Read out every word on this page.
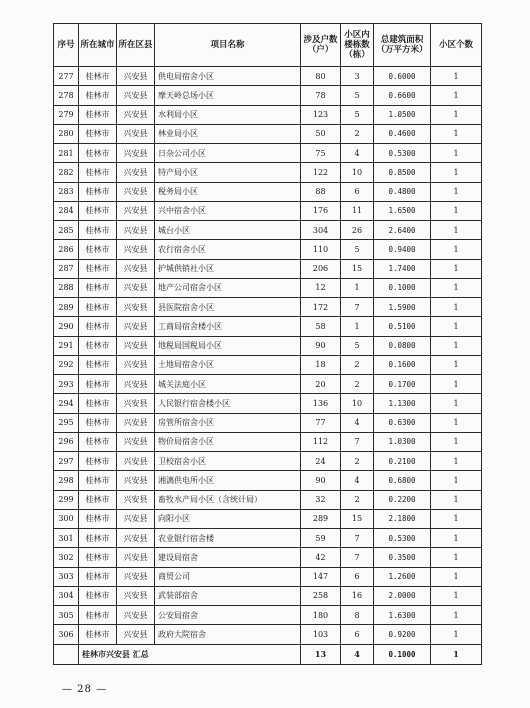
序号	所在城市	所在区县	项目名称	涉及户数（户）	小区内楼栋数（栋）	总建筑面积（万平方米）	小区个数
277	桂林市	兴安县	供电局宿舍小区	80	3	0.6000	1
278	桂林市	兴安县	摩天岭总场小区	78	5	0.6600	1
279	桂林市	兴安县	水利局小区	123	5	1.0500	1
280	桂林市	兴安县	林业局小区	50	2	0.4600	1
281	桂林市	兴安县	日杂公司小区	75	4	0.5300	1
282	桂林市	兴安县	特产局小区	122	10	0.8500	1
283	桂林市	兴安县	税务局小区	88	6	0.4800	1
284	桂林市	兴安县	兴中宿舍小区	176	11	1.6500	1
285	桂林市	兴安县	城台小区	304	26	2.6400	1
286	桂林市	兴安县	农行宿舍小区	110	5	0.9400	1
287	桂林市	兴安县	护城供销社小区	206	15	1.7400	1
288	桂林市	兴安县	地产公司宿舍小区	12	1	0.1000	1
289	桂林市	兴安县	县医院宿舍小区	172	7	1.5900	1
290	桂林市	兴安县	工商局宿舍楼小区	58	1	0.5100	1
291	桂林市	兴安县	地税局国税局小区	90	5	0.0800	1
292	桂林市	兴安县	土地局宿舍小区	18	2	0.1600	1
293	桂林市	兴安县	城关法庭小区	20	2	0.1700	1
294	桂林市	兴安县	人民银行宿舍楼小区	136	10	1.1300	1
295	桂林市	兴安县	房管所宿舍小区	77	4	0.6300	1
296	桂林市	兴安县	物价局宿舍小区	112	7	1.0300	1
297	桂林市	兴安县	卫校宿舍小区	24	2	0.2100	1
298	桂林市	兴安县	湘漓供电所小区	90	4	0.6800	1
299	桂林市	兴安县	畜牧水产局小区（含统计局）	32	2	0.2200	1
300	桂林市	兴安县	向阳小区	289	15	2.1800	1
301	桂林市	兴安县	农业银行宿舍楼	59	7	0.5300	1
302	桂林市	兴安县	建设局宿舍	42	7	0.3500	1
303	桂林市	兴安县	商贸公司	147	6	1.2600	1
304	桂林市	兴安县	武装部宿舍	258	16	2.0000	1
305	桂林市	兴安县	公安局宿舍	180	8	1.6300	1
306	桂林市	兴安县	政府大院宿舍	103	6	0.9200	1
	桂林市兴安县 汇总			13	4	0.1000	1
— 28 —
